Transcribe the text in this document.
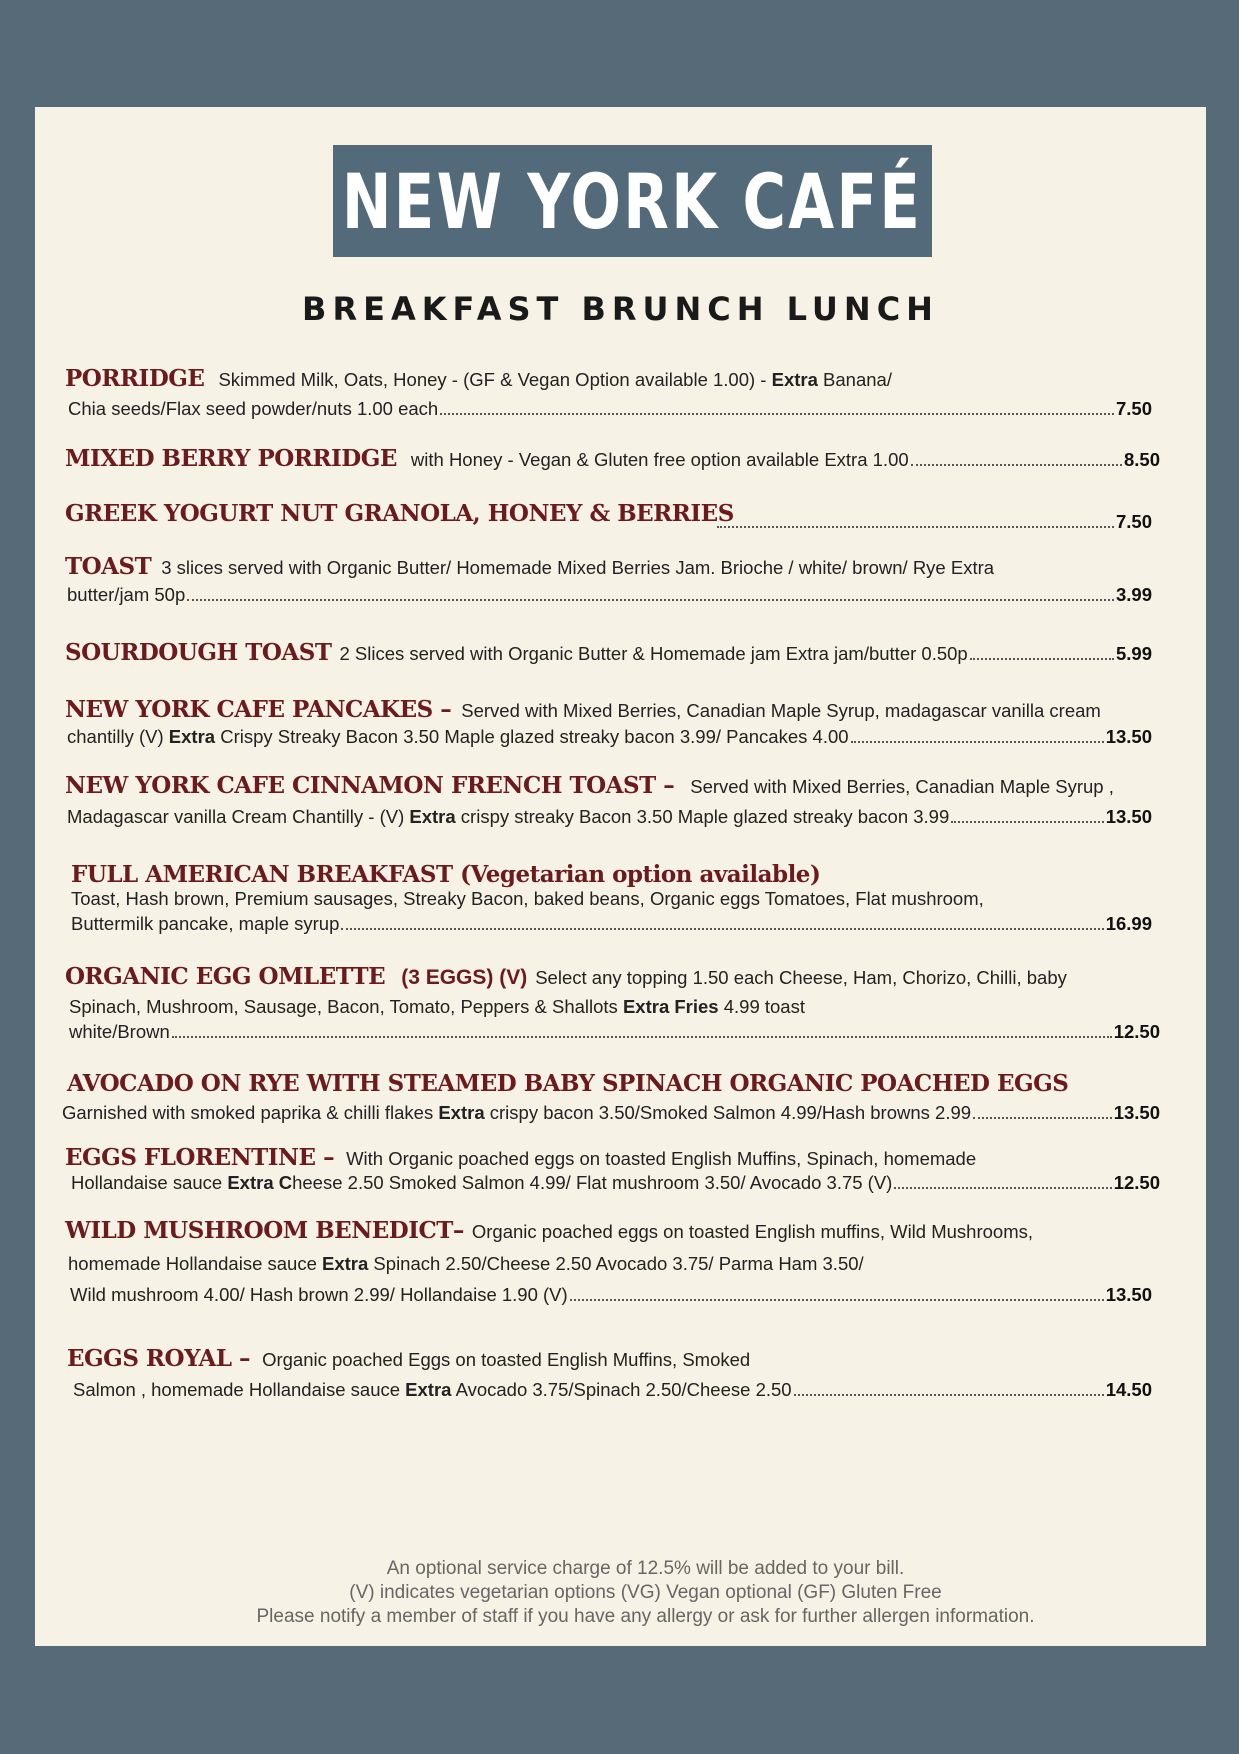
NEW YORK CAFÉ
BREAKFAST BRUNCH LUNCH
PORRIDGE Skimmed Milk, Oats, Honey - (GF & Vegan Option available 1.00) - Extra Banana/
Chia seeds/Flax seed powder/nuts 1.00 each	7.50
MIXED BERRY PORRIDGE with Honey - Vegan & Gluten free option available Extra 1.00	8.50
GREEK YOGURT NUT GRANOLA, HONEY & BERRIES	7.50
TOAST 3 slices served with Organic Butter/ Homemade Mixed Berries Jam. Brioche / white/ brown/ Rye Extra
butter/jam 50p	3.99
SOURDOUGH TOAST 2 Slices served with Organic Butter & Homemade jam Extra jam/butter 0.50p	5.99
NEW YORK CAFE PANCAKES – Served with Mixed Berries, Canadian Maple Syrup, madagascar vanilla cream
chantilly (V) Extra Crispy Streaky Bacon 3.50 Maple glazed streaky bacon 3.99/ Pancakes 4.00	13.50
NEW YORK CAFE CINNAMON FRENCH TOAST – Served with Mixed Berries, Canadian Maple Syrup ,
Madagascar vanilla Cream Chantilly - (V) Extra crispy streaky Bacon 3.50 Maple glazed streaky bacon 3.99	13.50
FULL AMERICAN BREAKFAST (Vegetarian option available)
Toast, Hash brown, Premium sausages, Streaky Bacon, baked beans, Organic eggs Tomatoes, Flat mushroom,
Buttermilk pancake, maple syrup	16.99
ORGANIC EGG OMLETTE (3 EGGS) (V) Select any topping 1.50 each Cheese, Ham, Chorizo, Chilli, baby
Spinach, Mushroom, Sausage, Bacon, Tomato, Peppers & Shallots Extra Fries 4.99 toast
white/Brown	12.50
AVOCADO ON RYE WITH STEAMED BABY SPINACH ORGANIC POACHED EGGS
Garnished with smoked paprika & chilli flakes Extra crispy bacon 3.50/Smoked Salmon 4.99/Hash browns 2.99	13.50
EGGS FLORENTINE – With Organic poached eggs on toasted English Muffins, Spinach, homemade
Hollandaise sauce Extra Cheese 2.50 Smoked Salmon 4.99/ Flat mushroom 3.50/ Avocado 3.75 (V)	12.50
WILD MUSHROOM BENEDICT– Organic poached eggs on toasted English muffins, Wild Mushrooms,
homemade Hollandaise sauce Extra Spinach 2.50/Cheese 2.50 Avocado 3.75/ Parma Ham 3.50/
Wild mushroom 4.00/ Hash brown 2.99/ Hollandaise 1.90 (V)	13.50
EGGS ROYAL – Organic poached Eggs on toasted English Muffins, Smoked
Salmon , homemade Hollandaise sauce Extra Avocado 3.75/Spinach 2.50/Cheese 2.50	14.50
An optional service charge of 12.5% will be added to your bill.
(V) indicates vegetarian options (VG) Vegan optional (GF) Gluten Free
Please notify a member of staff if you have any allergy or ask for further allergen information.
